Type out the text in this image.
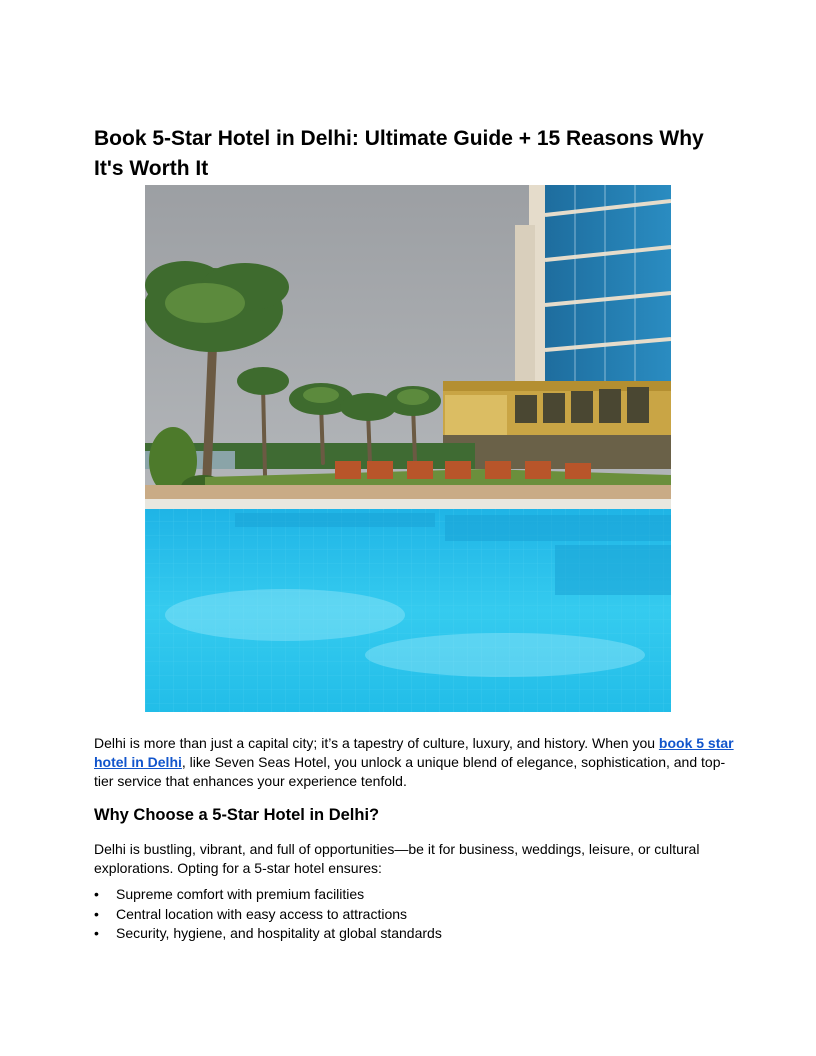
Book 5-Star Hotel in Delhi: Ultimate Guide + 15 Reasons Why It's Worth It

Delhi is more than just a capital city; it’s a tapestry of culture, luxury, and history. When you book 5 star hotel in Delhi, like Seven Seas Hotel, you unlock a unique blend of elegance, sophistication, and top-tier service that enhances your experience tenfold.

Why Choose a 5-Star Hotel in Delhi?

Delhi is bustling, vibrant, and full of opportunities—be it for business, weddings, leisure, or cultural explorations. Opting for a 5-star hotel ensures:

• Supreme comfort with premium facilities
• Central location with easy access to attractions
• Security, hygiene, and hospitality at global standards
